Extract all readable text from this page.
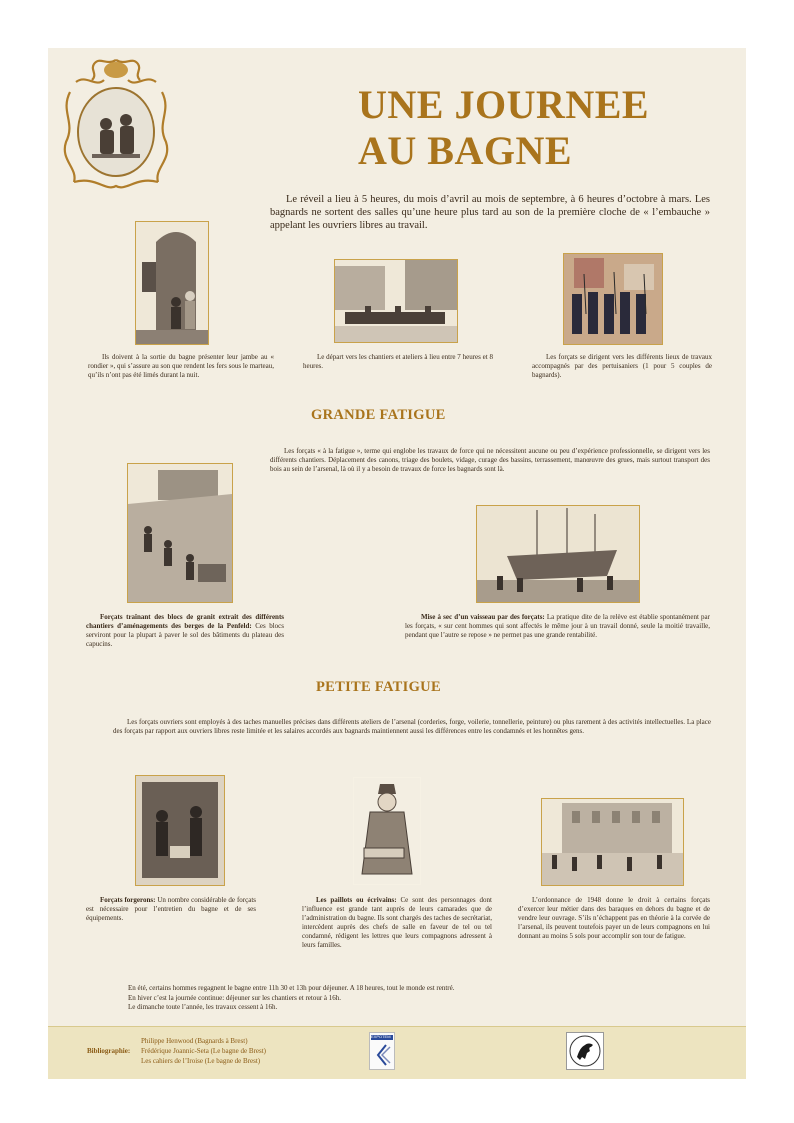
UNE JOURNEE
AU BAGNE
Le réveil a lieu à 5 heures, du mois d’avril au mois de septembre, à 6 heures d’octobre à mars. Les bagnards ne sortent des salles qu’une heure plus tard au son de la première cloche de « l’embauche » appelant les ouvriers libres au travail.
Ils doivent à la sortie du bagne présenter leur jambe au « rondier », qui s’assure au son que rendent les fers sous le marteau, qu’ils n’ont pas été limés durant la nuit.
Le départ vers les chantiers et ateliers à lieu entre 7 heures et 8 heures.
Les forçats se dirigent vers les différents lieux de travaux accompagnés par des pertuisaniers (1 pour 5 couples de bagnards).
GRANDE FATIGUE
Les forçats « à la fatigue », terme qui englobe les travaux de force qui ne nécessitent aucune ou peu d’expérience professionnelle, se dirigent vers les différents chantiers. Déplacement des canons, triage des boulets, vidage, curage des bassins, terrassement, manœuvre des grues, mais surtout transport des bois au sein de l’arsenal, là où il y a besoin de travaux de force les bagnards sont là.
Forçats traînant des blocs de granit extrait des différents chantiers d’aménagements des berges de la Penfeld: Ces blocs serviront pour la plupart à paver le sol des bâtiments du plateau des capucins.
Mise à sec d’un vaisseau par des forçats: La pratique dite de la relève est établie spontanément par les forçats, « sur cent hommes qui sont affectés le même jour à un travail donné, seule la moitié travaille, pendant que l’autre se repose » ne permet pas une grande rentabilité.
PETITE FATIGUE
Les forçats ouvriers sont employés à des taches manuelles précises dans différents ateliers de l’arsenal (corderies, forge, voilerie, tonnellerie, peinture) ou plus rarement à des activités intellectuelles. La place des forçats par rapport aux ouvriers libres reste limitée et les salaires accordés aux bagnards maintiennent aussi les différences entre les condamnés et les honnêtes gens.
Forçats forgerons: Un nombre considérable de forçats est nécessaire pour l’entretien du bagne et de ses équipements.
Les paillots ou écrivains: Ce sont des personnages dont l’influence est grande tant auprès de leurs camarades que de l’administration du bagne. Ils sont chargés des taches de secrétariat, intercèdent auprès des chefs de salle en faveur de tel ou tel condamné, rédigent les lettres que leurs compagnons adressent à leurs familles.
L’ordonnance de 1948 donne le droit à certains forçats d’exercer leur métier dans des baraques en dehors du bagne et de vendre leur ouvrage. S’ils n’échappent pas en théorie à la corvée de l’arsenal, ils peuvent toutefois payer un de leurs compagnons en lui donnant au moins 5 sols pour accomplir son tour de fatigue.
En été, certains hommes regagnent le bagne entre 11h 30 et 13h pour déjeuner. A 18 heures, tout le monde est rentré.
En hiver c’est la journée continue: déjeuner sur les chantiers et retour à 16h.
Le dimanche toute l’année, les travaux cessent à 16h.
Bibliographie:
Philippe Henwood (Bagnards à Brest)
Frédérique Joannic-Seta (Le bagne de Brest)
Les cahiers de l’Iroise (Le bagne de Brest)
EXPOTEM
